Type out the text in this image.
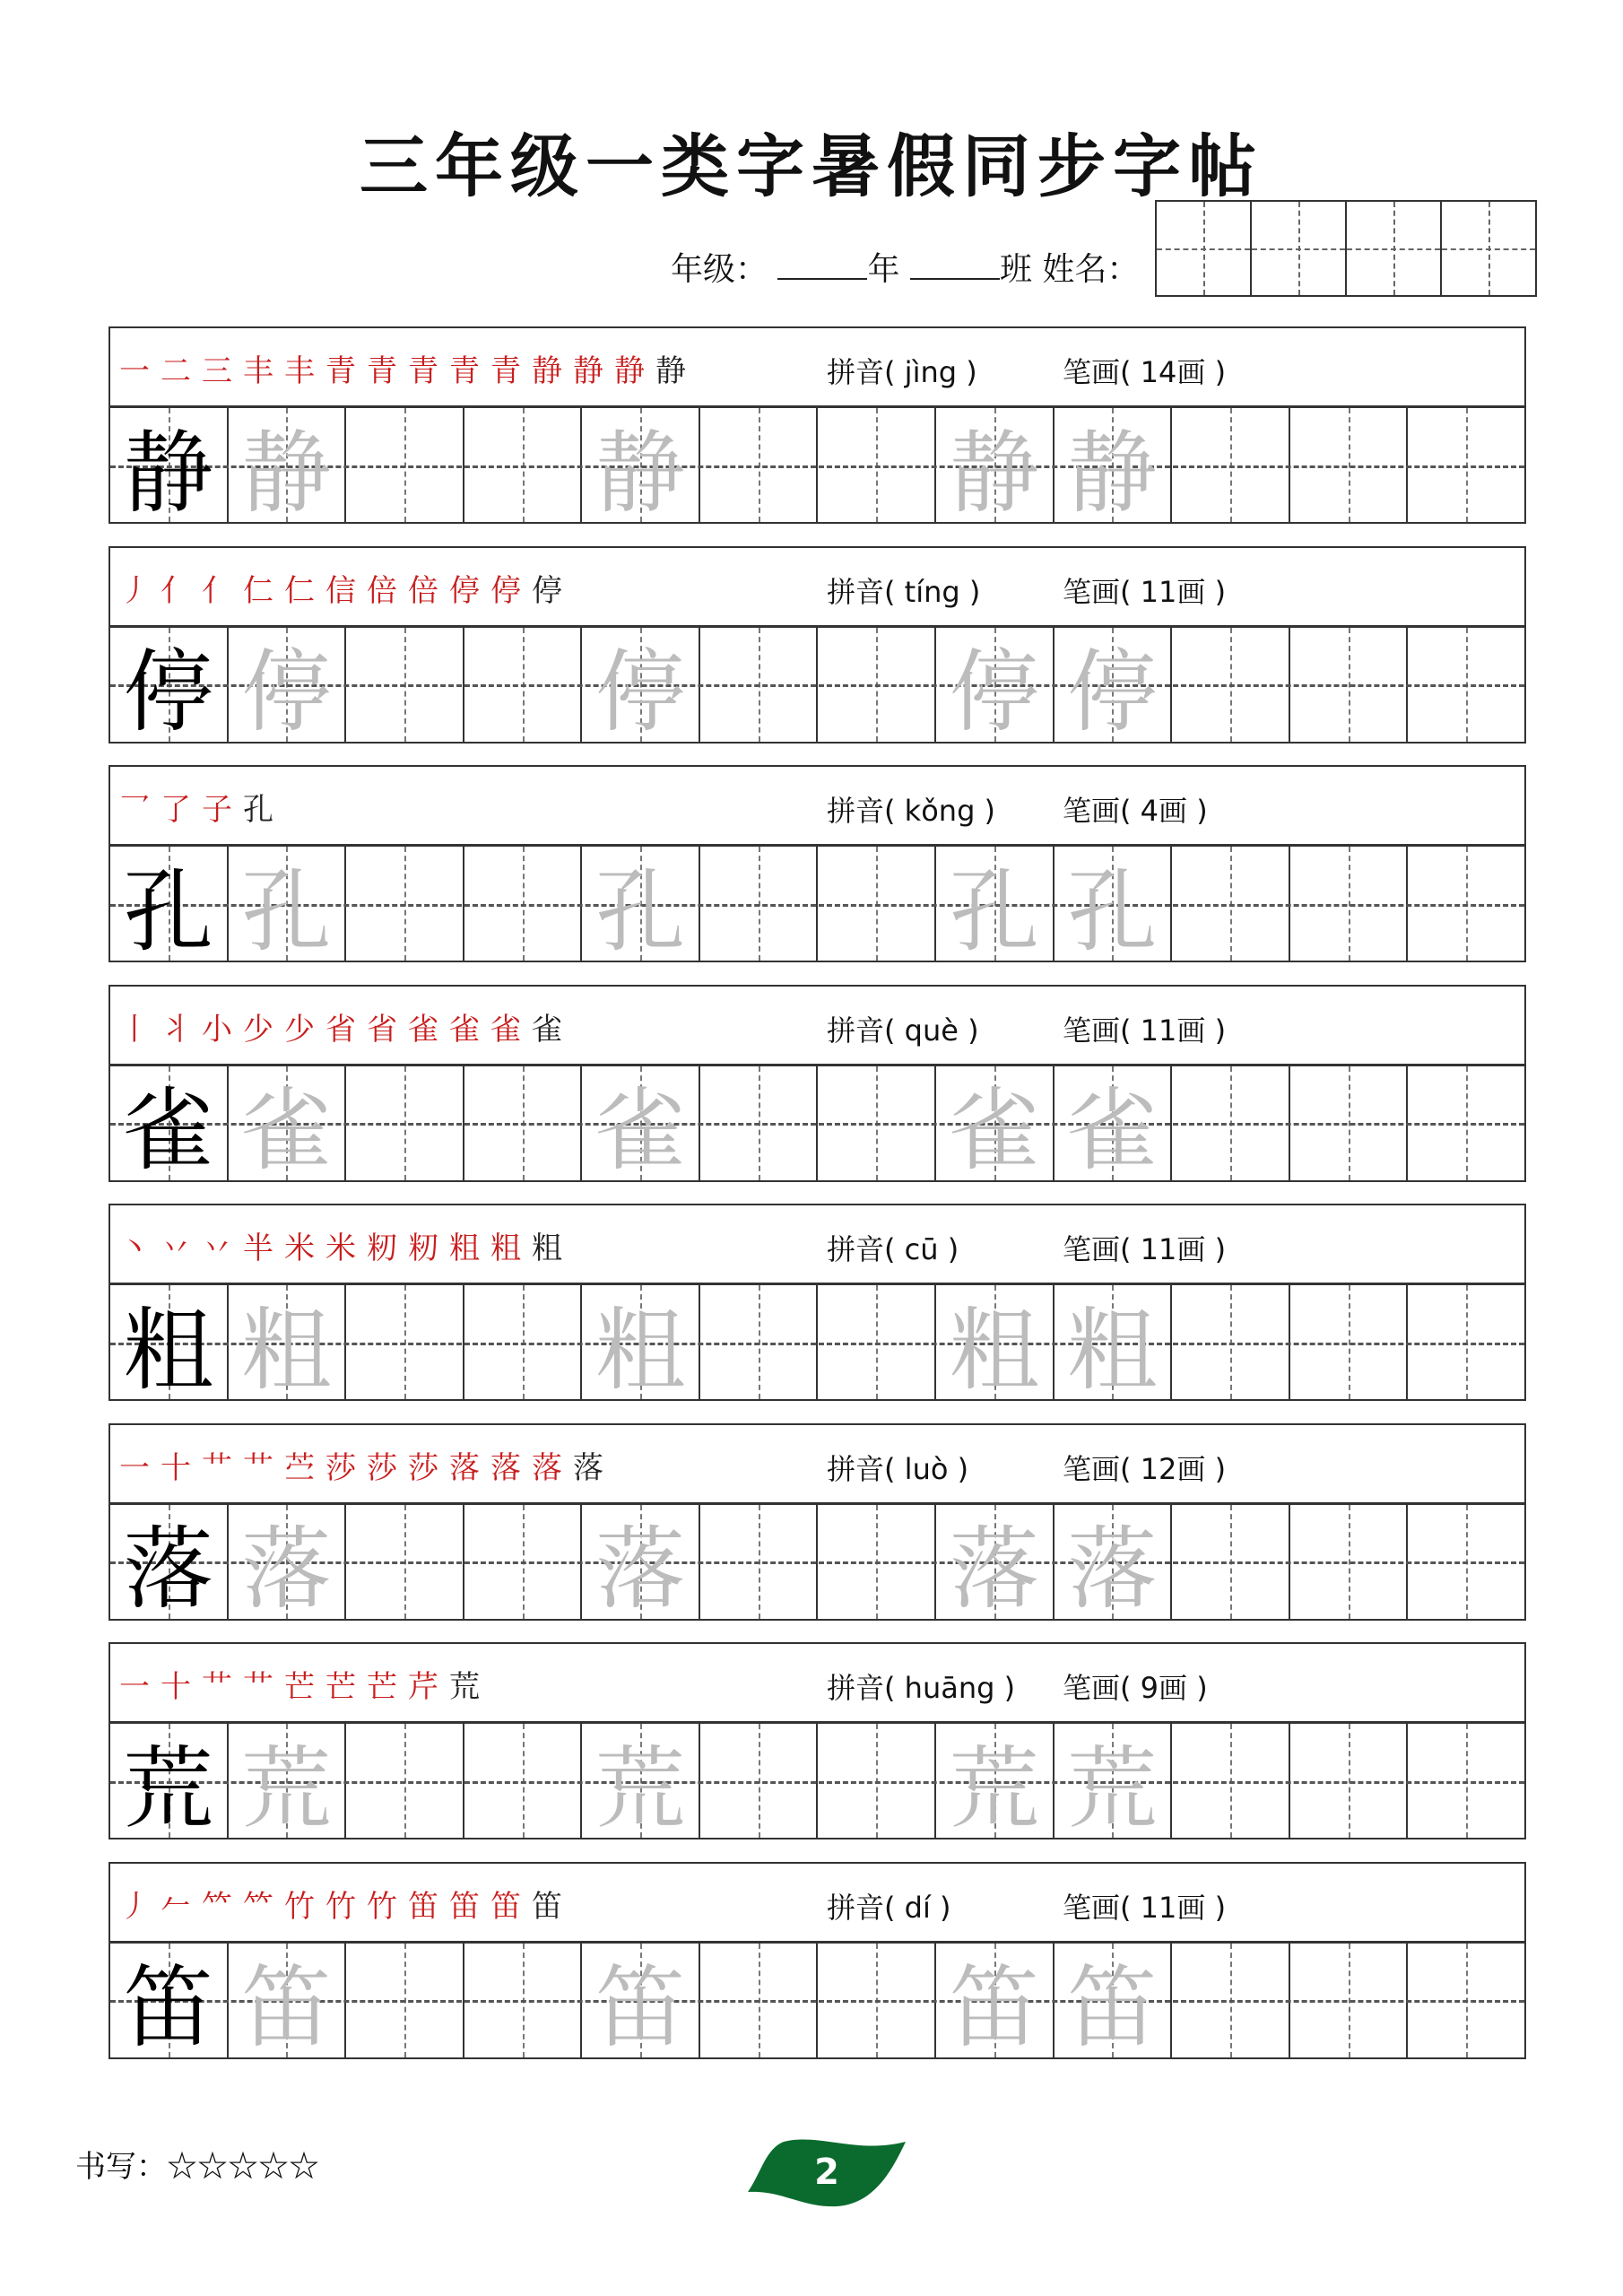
三年级一类字暑假同步字帖
年级：	年	班 姓名：
一 二 三 丰 丰 青 青 青 青 青 静 静 静 静	拼音( jìng )	笔画( 14画 )
静 静	静	静 静
丿 亻 亻 仁 仁 信 倍 倍 停 停 停	拼音( tíng )	笔画( 11画 )
停 停	停	停 停
乛 了 子 孔	拼音( kǒng ) 笔画( 4画 )
孔 孔	孔	孔 孔
丨 丬 小 少 少 省 省 雀 雀 雀 雀	拼音( què )	笔画( 11画 )
雀 雀	雀	雀 雀
丶 丷 丷 半 米 米 籾 籾 粗 粗 粗	拼音( cū )	笔画( 11画 )
粗 粗	粗	粗 粗
一 十 艹 艹 苎 莎 莎 莎 落 落 落 落	拼音( luò )	笔画( 12画 )
落 落	落	落 落
一 十 艹 艹 芒 芒 芒 芹 荒	拼音( huāng ) 笔画( 9画 )
荒 荒	荒	荒 荒
丿 𠂉 𥫗 𥫗 竹 竹 竹 笛 笛 笛 笛	拼音( dí )	笔画( 11画 )
笛 笛	笛	笛 笛
书写：☆☆☆☆☆	2
